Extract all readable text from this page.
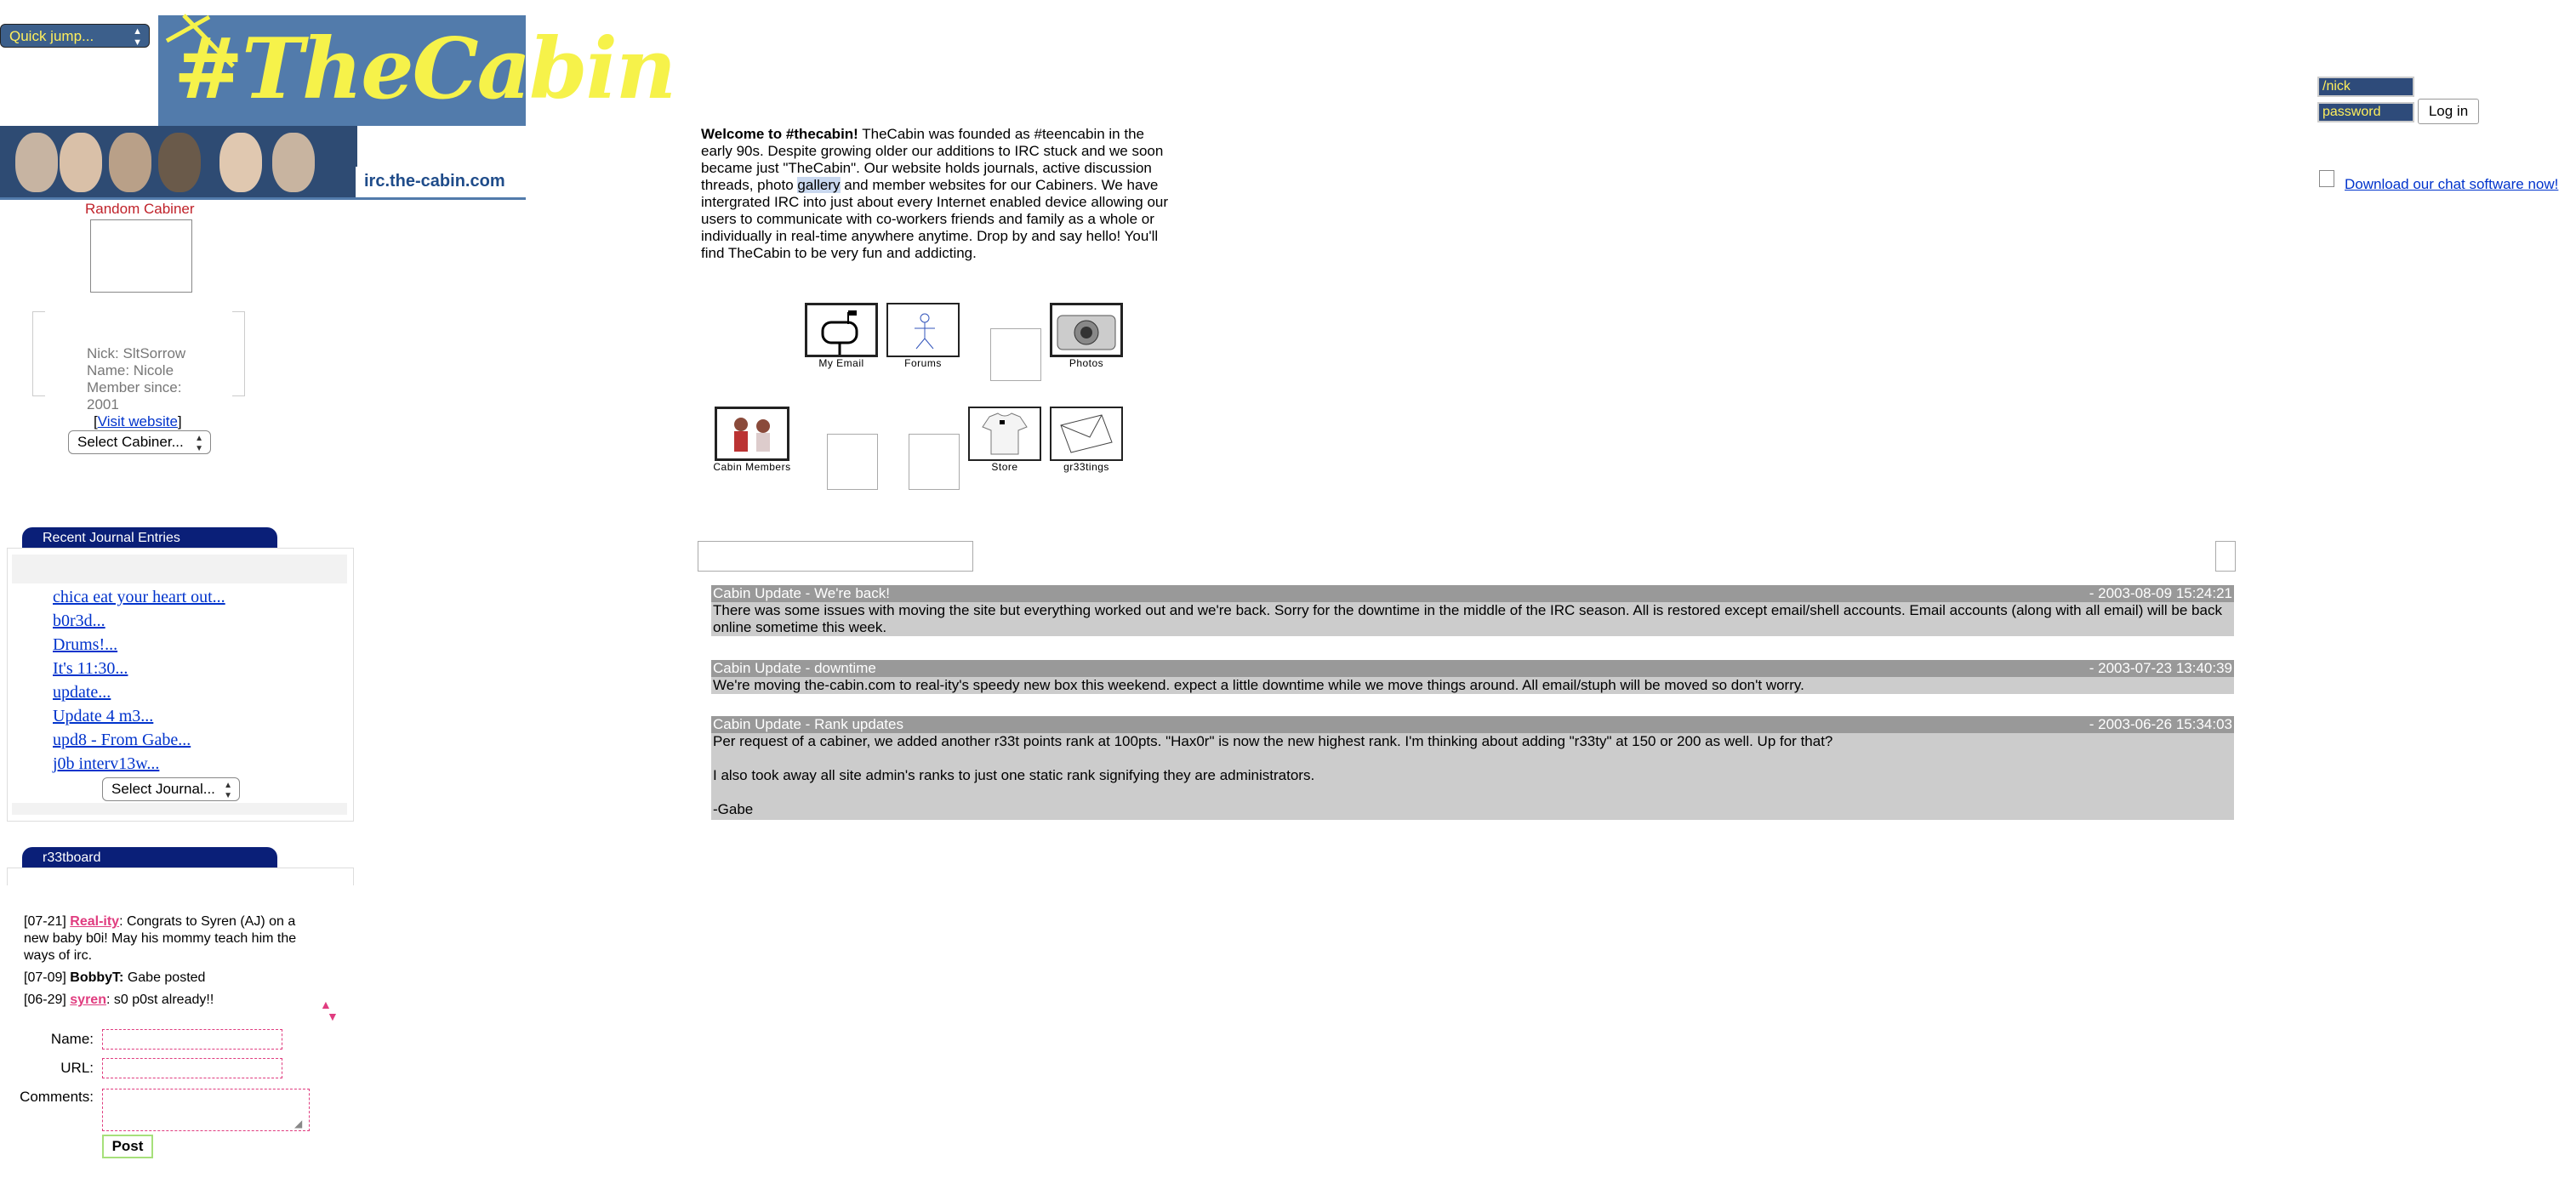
Quick jump...	▲
▼ #TheCabin
irc.the-cabin.com
Random Cabiner
Nick: SltSorrow
Name: Nicole
Member since:
2001
[Visit website]
Select Cabiner... ▲
▼
Recent Journal Entries
chica eat your heart out...
b0r3d...
Drums!...
It's 11:30...
update...
Update 4 m3...
upd8 - From Gabe...
j0b interv13w...
Select Journal... ▲
▼
r33tboard
[07-21] Real-ity: Congrats to Syren (AJ) on a new baby b0i! May his mommy teach him the ways of irc.
[07-09] BobbyT: Gabe posted
[06-29] syren: s0 p0st already!!	▲
▼
Name:
URL:
Comments:
◢
Post
Welcome to #thecabin! TheCabin was founded as #teencabin in the early 90s. Despite growing older our additions to IRC stuck and we soon became just "TheCabin". Our website holds journals, active discussion threads, photo gallery and member websites for our Cabiners. We have intergrated IRC into just about every Internet enabled device allowing our users to communicate with co-workers friends and family as a whole or individually in real-time anywhere anytime. Drop by and say hello! You'll find TheCabin to be very fun and addicting.
My Email	Forums	Photos
Cabin Members	Store	gr33tings
Cabin Update - We're back!	- 2003-08-09 15:24:21
There was some issues with moving the site but everything worked out and we're back. Sorry for the downtime in the middle of the IRC season. All is restored except email/shell accounts. Email accounts (along with all email) will be back online sometime this week.
Cabin Update - downtime	- 2003-07-23 13:40:39
We're moving the-cabin.com to real-ity's speedy new box this weekend. expect a little downtime while we move things around. All email/stuph will be moved so don't worry.
Cabin Update - Rank updates	- 2003-06-26 15:34:03
Per request of a cabiner, we added another r33t points rank at 100pts. "Hax0r" is now the new highest rank. I'm thinking about adding "r33ty" at 150 or 200 as well. Up for that?
I also took away all site admin's ranks to just one static rank signifying they are administrators.
-Gabe
/nick
password	Log in
Download our chat software now!
